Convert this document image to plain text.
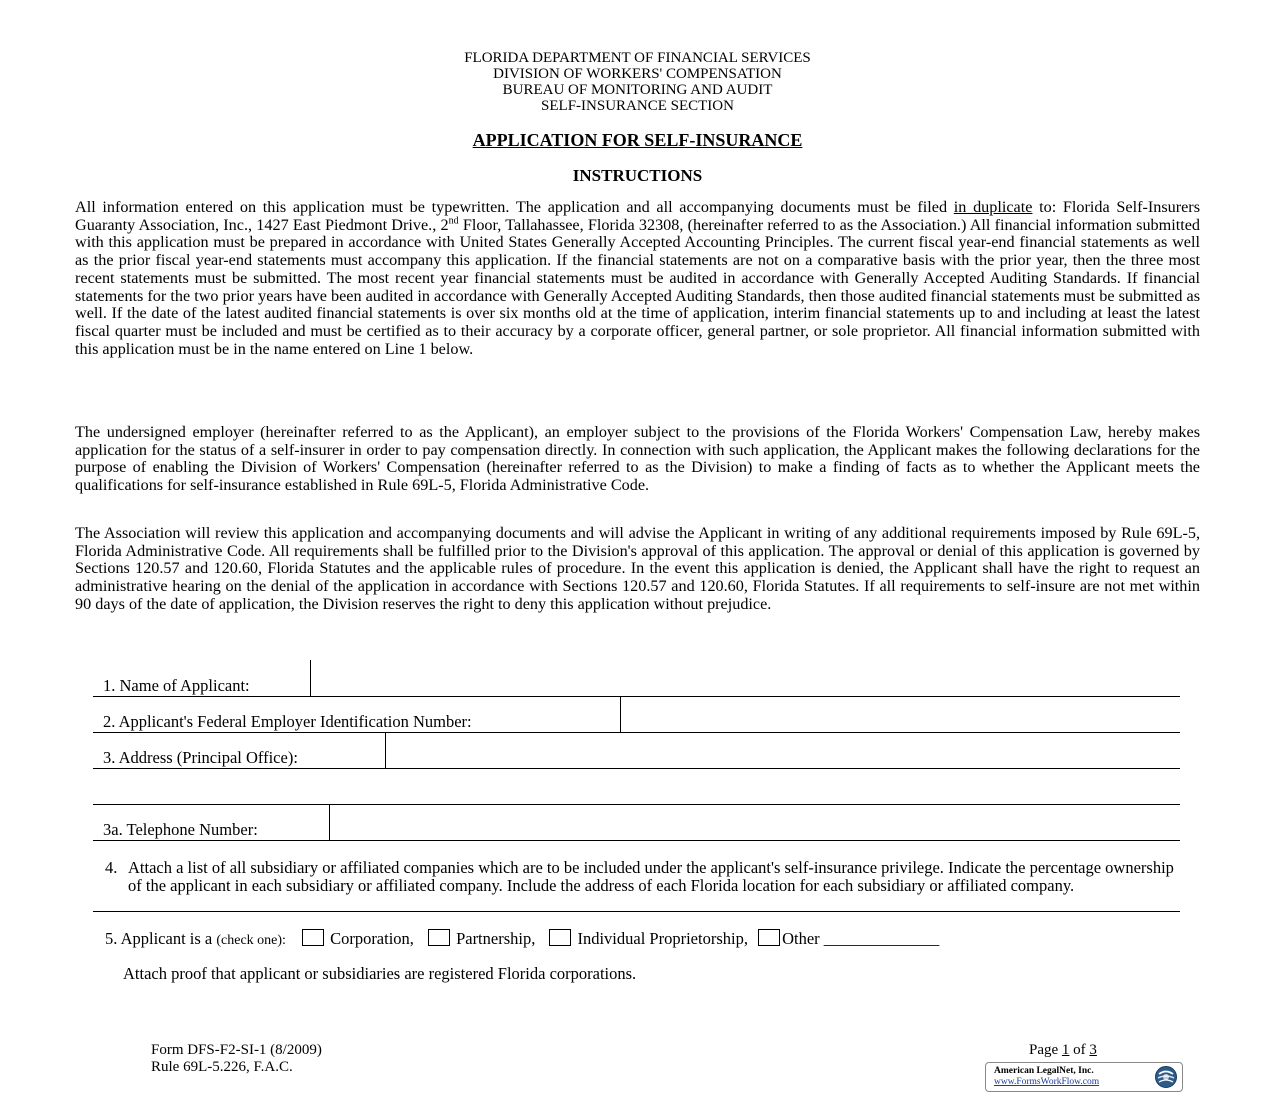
FLORIDA DEPARTMENT OF FINANCIAL SERVICES
DIVISION OF WORKERS' COMPENSATION
BUREAU OF MONITORING AND AUDIT
SELF-INSURANCE SECTION
APPLICATION FOR SELF-INSURANCE
INSTRUCTIONS

All information entered on this application must be typewritten. The application and all accompanying documents must be filed in duplicate to: Florida Self-Insurers Guaranty Association, Inc., 1427 East Piedmont Drive., 2nd Floor, Tallahassee, Florida 32308, (hereinafter referred to as the Association.) All financial information submitted with this application must be prepared in accordance with United States Generally Accepted Accounting Principles. The current fiscal year-end financial statements as well as the prior fiscal year-end statements must accompany this application. If the financial statements are not on a comparative basis with the prior year, then the three most recent statements must be submitted. The most recent year financial statements must be audited in accordance with Generally Accepted Auditing Standards. If financial statements for the two prior years have been audited in accordance with Generally Accepted Auditing Standards, then those audited financial statements must be submitted as well. If the date of the latest audited financial statements is over six months old at the time of application, interim financial statements up to and including at least the latest fiscal quarter must be included and must be certified as to their accuracy by a corporate officer, general partner, or sole proprietor. All financial information submitted with this application must be in the name entered on Line 1 below.

The undersigned employer (hereinafter referred to as the Applicant), an employer subject to the provisions of the Florida Workers' Compensation Law, hereby makes application for the status of a self-insurer in order to pay compensation directly. In connection with such application, the Applicant makes the following declarations for the purpose of enabling the Division of Workers' Compensation (hereinafter referred to as the Division) to make a finding of facts as to whether the Applicant meets the qualifications for self-insurance established in Rule 69L-5, Florida Administrative Code.

The Association will review this application and accompanying documents and will advise the Applicant in writing of any additional requirements imposed by Rule 69L-5, Florida Administrative Code. All requirements shall be fulfilled prior to the Division's approval of this application. The approval or denial of this application is governed by Sections 120.57 and 120.60, Florida Statutes and the applicable rules of procedure. In the event this application is denied, the Applicant shall have the right to request an administrative hearing on the denial of the application in accordance with Sections 120.57 and 120.60, Florida Statutes. If all requirements to self-insure are not met within 90 days of the date of application, the Division reserves the right to deny this application without prejudice.

1. Name of Applicant:
2. Applicant's Federal Employer Identification Number:
3. Address (Principal Office):
3a. Telephone Number:
4. Attach a list of all subsidiary or affiliated companies which are to be included under the applicant's self-insurance privilege. Indicate the percentage ownership of the applicant in each subsidiary or affiliated company. Include the address of each Florida location for each subsidiary or affiliated company.
5. Applicant is a (check one):	Corporation,	Partnership,	Individual Proprietorship, Other ______________
Attach proof that applicant or subsidiaries are registered Florida corporations.
Form DFS-F2-SI-1 (8/2009)
Rule 69L-5.226, F.A.C.
Page 1 of 3
American LegalNet, Inc.
www.FormsWorkFlow.com
